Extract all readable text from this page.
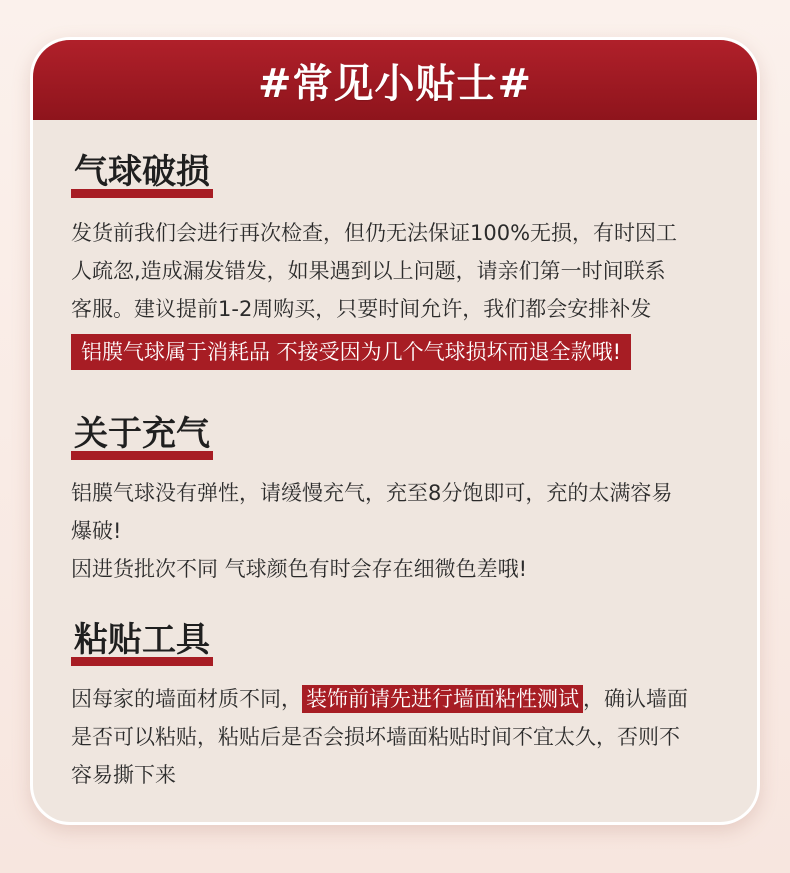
#常见小贴士#
气球破损

发货前我们会进行再次检查，但仍无法保证100%无损，有时因工

人疏忽,造成漏发错发，如果遇到以上问题，请亲们第一时间联系

客服。建议提前1-2周购买，只要时间允许，我们都会安排补发

铝膜气球属于消耗品 不接受因为几个气球损坏而退全款哦!
关于充气

铝膜气球没有弹性，请缓慢充气，充至8分饱即可，充的太满容易

爆破!

因进货批次不同 气球颜色有时会存在细微色差哦!

粘贴工具

因每家的墙面材质不同， 装饰前请先进行墙面粘性测试 ，确认墙面

是否可以粘贴，粘贴后是否会损坏墙面粘贴时间不宜太久，否则不

容易撕下来
